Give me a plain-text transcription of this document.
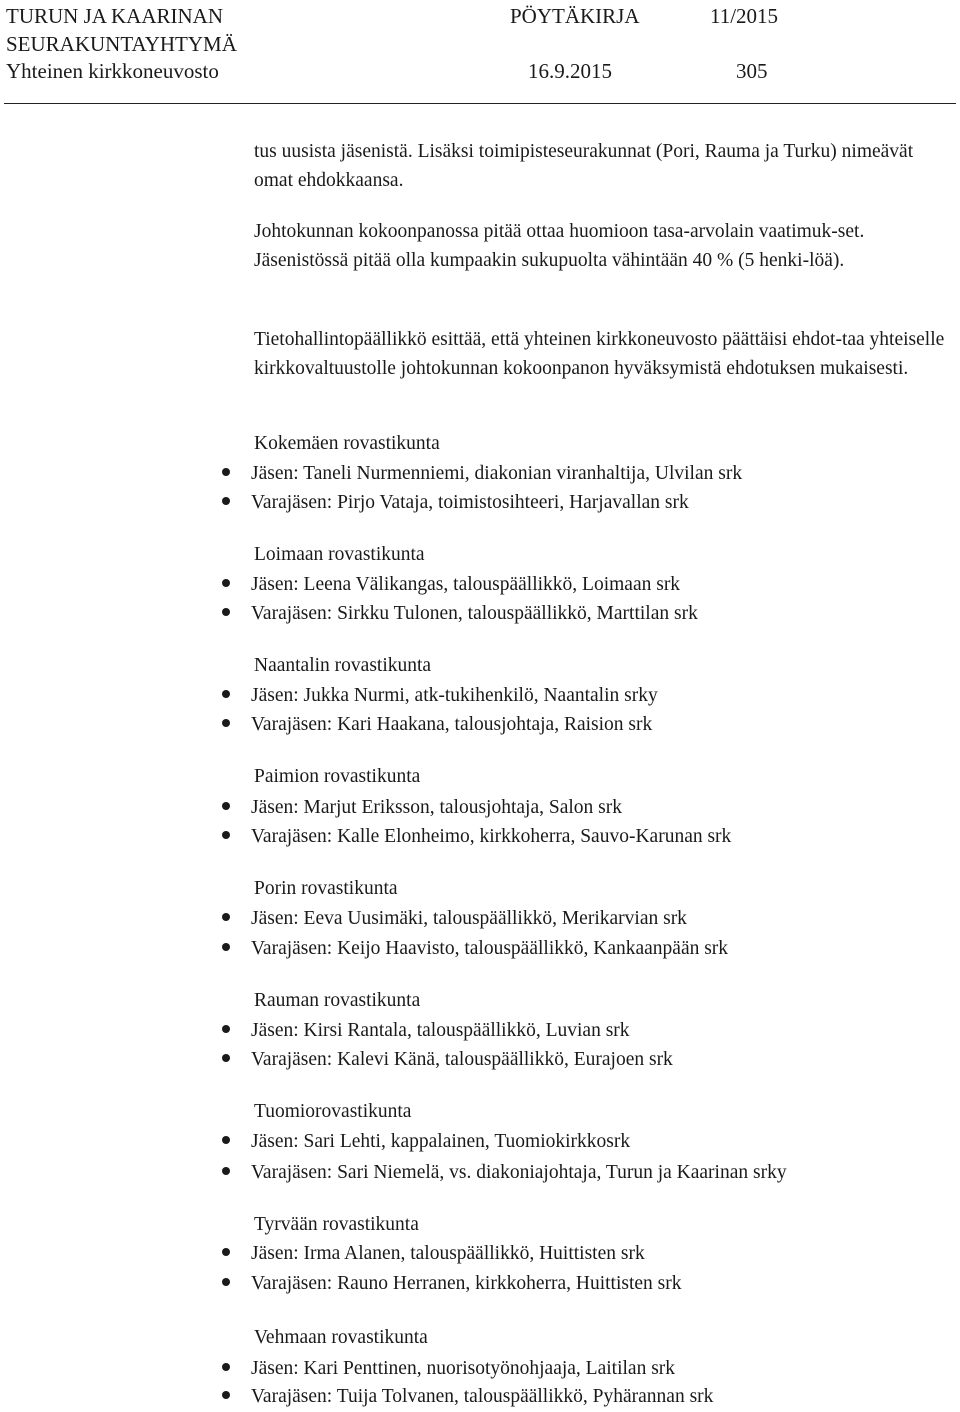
TURUN JA KAARINAN	PÖYTÄKIRJA	11/2015
SEURAKUNTAYHTYMÄ
Yhteinen kirkkoneuvosto	16.9.2015	305

tus uusista jäsenistä. Lisäksi toimipisteseurakunnat (Pori, Rauma ja Turku) nimeävät omat ehdokkaansa.

Johtokunnan kokoonpanossa pitää ottaa huomioon tasa-arvolain vaatimuk-set. Jäsenistössä pitää olla kumpaakin sukupuolta vähintään 40 % (5 henki-löä).

Tietohallintopäällikkö esittää, että yhteinen kirkkoneuvosto päättäisi ehdot-taa yhteiselle kirkkovaltuustolle johtokunnan kokoonpanon hyväksymistä ehdotuksen mukaisesti.

Kokemäen rovastikunta
Jäsen: Taneli Nurmenniemi, diakonian viranhaltija, Ulvilan srk
Varajäsen: Pirjo Vataja, toimistosihteeri, Harjavallan srk
Loimaan rovastikunta
Jäsen: Leena Välikangas, talouspäällikkö, Loimaan srk
Varajäsen: Sirkku Tulonen, talouspäällikkö, Marttilan srk
Naantalin rovastikunta
Jäsen: Jukka Nurmi, atk-tukihenkilö, Naantalin srky
Varajäsen: Kari Haakana, talousjohtaja, Raision srk
Paimion rovastikunta
Jäsen: Marjut Eriksson, talousjohtaja, Salon srk
Varajäsen: Kalle Elonheimo, kirkkoherra, Sauvo-Karunan srk
Porin rovastikunta
Jäsen: Eeva Uusimäki, talouspäällikkö, Merikarvian srk
Varajäsen: Keijo Haavisto, talouspäällikkö, Kankaanpään srk
Rauman rovastikunta
Jäsen: Kirsi Rantala, talouspäällikkö, Luvian srk
Varajäsen: Kalevi Känä, talouspäällikkö, Eurajoen srk
Tuomiorovastikunta
Jäsen: Sari Lehti, kappalainen, Tuomiokirkkosrk
Varajäsen: Sari Niemelä, vs. diakoniajohtaja, Turun ja Kaarinan srky
Tyrvään rovastikunta
Jäsen: Irma Alanen, talouspäällikkö, Huittisten srk
Varajäsen: Rauno Herranen, kirkkoherra, Huittisten srk
Vehmaan rovastikunta
Jäsen: Kari Penttinen, nuorisotyönohjaaja, Laitilan srk
Varajäsen: Tuija Tolvanen, talouspäällikkö, Pyhärannan srk
